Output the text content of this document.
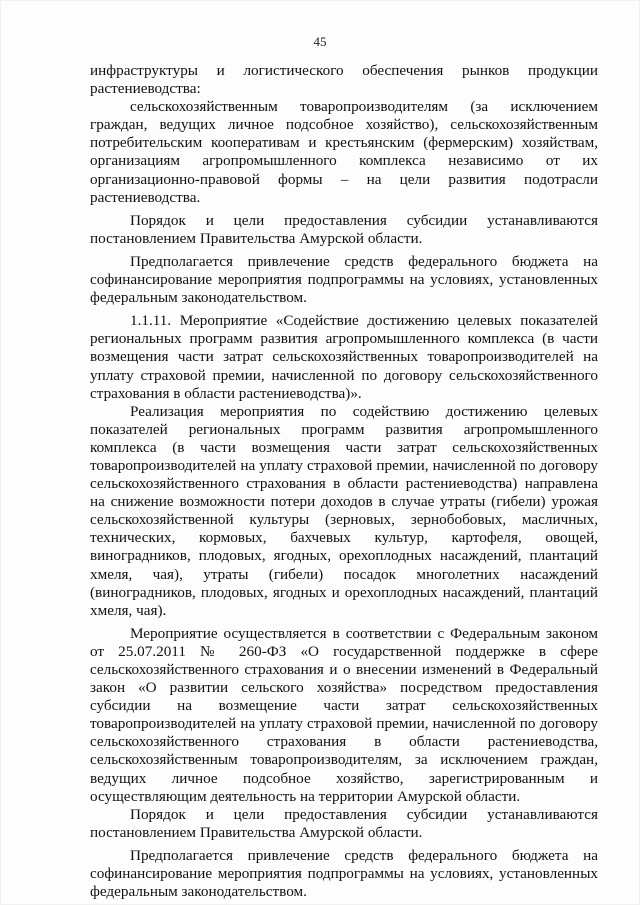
45

инфраструктуры и логистического обеспечения рынков продукции растениеводства:

сельскохозяйственным товаропроизводителям (за исключением граждан, ведущих личное подсобное хозяйство), сельскохозяйственным потребительским кооперативам и крестьянским (фермерским) хозяйствам, организациям агропромышленного комплекса независимо от их организационно-правовой формы – на цели развития подотрасли растениеводства.

Порядок и цели предоставления субсидии устанавливаются постановлением Правительства Амурской области.

Предполагается привлечение средств федерального бюджета на софинансирование мероприятия подпрограммы на условиях, установленных федеральным законодательством.

1.1.11. Мероприятие «Содействие достижению целевых показателей региональных программ развития агропромышленного комплекса (в части возмещения части затрат сельскохозяйственных товаропроизводителей на уплату страховой премии, начисленной по договору сельскохозяйственного страхования в области растениеводства)».

Реализация мероприятия по содействию достижению целевых показателей региональных программ развития агропромышленного комплекса (в части возмещения части затрат сельскохозяйственных товаропроизводителей на уплату страховой премии, начисленной по договору сельскохозяйственного страхования в области растениеводства) направлена на снижение возможности потери доходов в случае утраты (гибели) урожая сельскохозяйственной культуры (зерновых, зернобобовых, масличных, технических, кормовых, бахчевых культур, картофеля, овощей, виноградников, плодовых, ягодных, орехоплодных насаждений, плантаций хмеля, чая), утраты (гибели) посадок многолетних насаждений (виноградников, плодовых, ягодных и орехоплодных насаждений, плантаций хмеля, чая).

Мероприятие осуществляется в соответствии с Федеральным законом от 25.07.2011 № 260-ФЗ «О государственной поддержке в сфере сельскохозяйственного страхования и о внесении изменений в Федеральный закон «О развитии сельского хозяйства» посредством предоставления субсидии на возмещение части затрат сельскохозяйственных товаропроизводителей на уплату страховой премии, начисленной по договору сельскохозяйственного страхования в области растениеводства, сельскохозяйственным товаропроизводителям, за исключением граждан, ведущих личное подсобное хозяйство, зарегистрированным и осуществляющим деятельность на территории Амурской области.

Порядок и цели предоставления субсидии устанавливаются постановлением Правительства Амурской области.

Предполагается привлечение средств федерального бюджета на софинансирование мероприятия подпрограммы на условиях, установленных федеральным законодательством.
